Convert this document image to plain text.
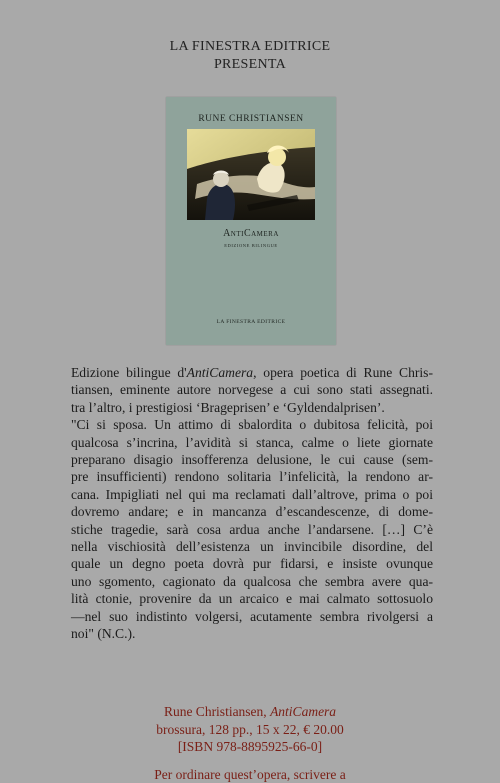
LA FINESTRA EDITRICE
PRESENTA
RUNE CHRISTIANSEN
AntiCamera
EDIZIONE BILINGUE
LA FINESTRA EDITRICE
Edizione bilingue d'AntiCamera, opera poetica di Rune Chris-
tiansen, eminente autore norvegese a cui sono stati assegnati.
tra l’altro, i prestigiosi ‘Brageprisen’ e ‘Gyldendalprisen’.
"Ci si sposa. Un attimo di sbalordita o dubitosa felicità, poi
qualcosa s’incrina, l’avidità si stanca, calme o liete giornate
preparano disagio insofferenza delusione, le cui cause (sem-
pre insufficienti) rendono solitaria l’infelicità, la rendono ar-
cana. Impigliati nel qui ma reclamati dall’altrove, prima o poi
dovremo andare; e in mancanza d’escandescenze, di dome-
stiche tragedie, sarà cosa ardua anche l’andarsene. […] C’è
nella vischiosità dell’esistenza un invincibile disordine, del
quale un degno poeta dovrà pur fidarsi, e insiste ovunque
uno sgomento, cagionato da qualcosa che sembra avere qua-
lità ctonie, provenire da un arcaico e mai calmato sottosuolo
—nel suo indistinto volgersi, acutamente sembra rivolgersi a
noi" (N.C.).
Rune Christiansen, AntiCamera
brossura, 128 pp., 15 x 22, € 20.00
[ISBN 978-8895925-66-0]
Per ordinare quest’opera, scrivere a
